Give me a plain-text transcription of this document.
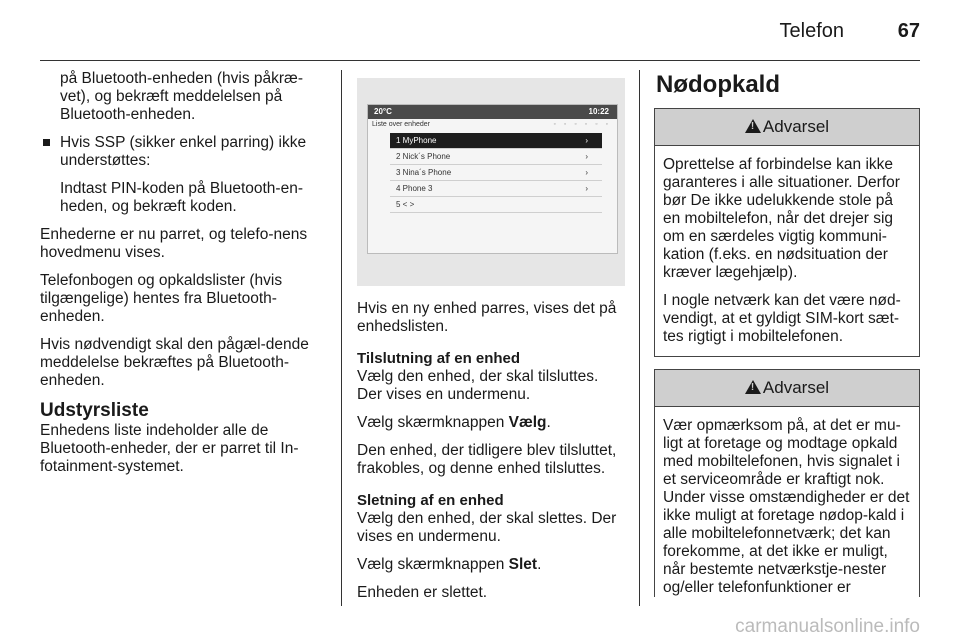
Telefon	67

på Bluetooth-enheden (hvis påkræ-vet), og bekræft meddelelsen på Bluetooth-enheden.

Hvis SSP (sikker enkel parring) ikke understøttes:

Indtast PIN-koden på Bluetooth-en-heden, og bekræft koden.

Enhederne er nu parret, og telefo-nens hovedmenu vises.

Telefonbogen og opkaldslister (hvis tilgængelige) hentes fra Bluetooth-enheden.

Hvis nødvendigt skal den pågæl-dende meddelelse bekræftes på Bluetooth-enheden.

Udstyrsliste

Enhedens liste indeholder alle de Bluetooth-enheder, der er parret til In-fotainment-systemet.

20°C	10:22
Liste over enheder	◦ ◦ ◦ ◦ ◦ ◦
1 MyPhone	›
2 Nick´s Phone	›
3 Nina´s Phone	›
4 Phone 3	›
5 < >

Hvis en ny enhed parres, vises det på enhedslisten.

Tilslutning af en enhed
Vælg den enhed, der skal tilsluttes. Der vises en undermenu.

Vælg skærmknappen Vælg.

Den enhed, der tidligere blev tilsluttet, frakobles, og denne enhed tilsluttes.

Sletning af en enhed
Vælg den enhed, der skal slettes. Der vises en undermenu.

Vælg skærmknappen Slet.

Enheden er slettet.

Nødopkald
!Advarsel

Oprettelse af forbindelse kan ikke garanteres i alle situationer. Derfor bør De ikke udelukkende stole på en mobiltelefon, når det drejer sig om en særdeles vigtig kommuni-kation (f.eks. en nødsituation der kræver lægehjælp).

I nogle netværk kan det være nød-vendigt, at et gyldigt SIM-kort sæt-tes rigtigt i mobiltelefonen.

!Advarsel

Vær opmærksom på, at det er mu-ligt at foretage og modtage opkald med mobiltelefonen, hvis signalet i et serviceområde er kraftigt nok. Under visse omstændigheder er det ikke muligt at foretage nødop-kald i alle mobiltelefonnetværk; det kan forekomme, at det ikke er muligt, når bestemte netværkstje-nester og/eller telefonfunktioner er

carmanualsonline.info
